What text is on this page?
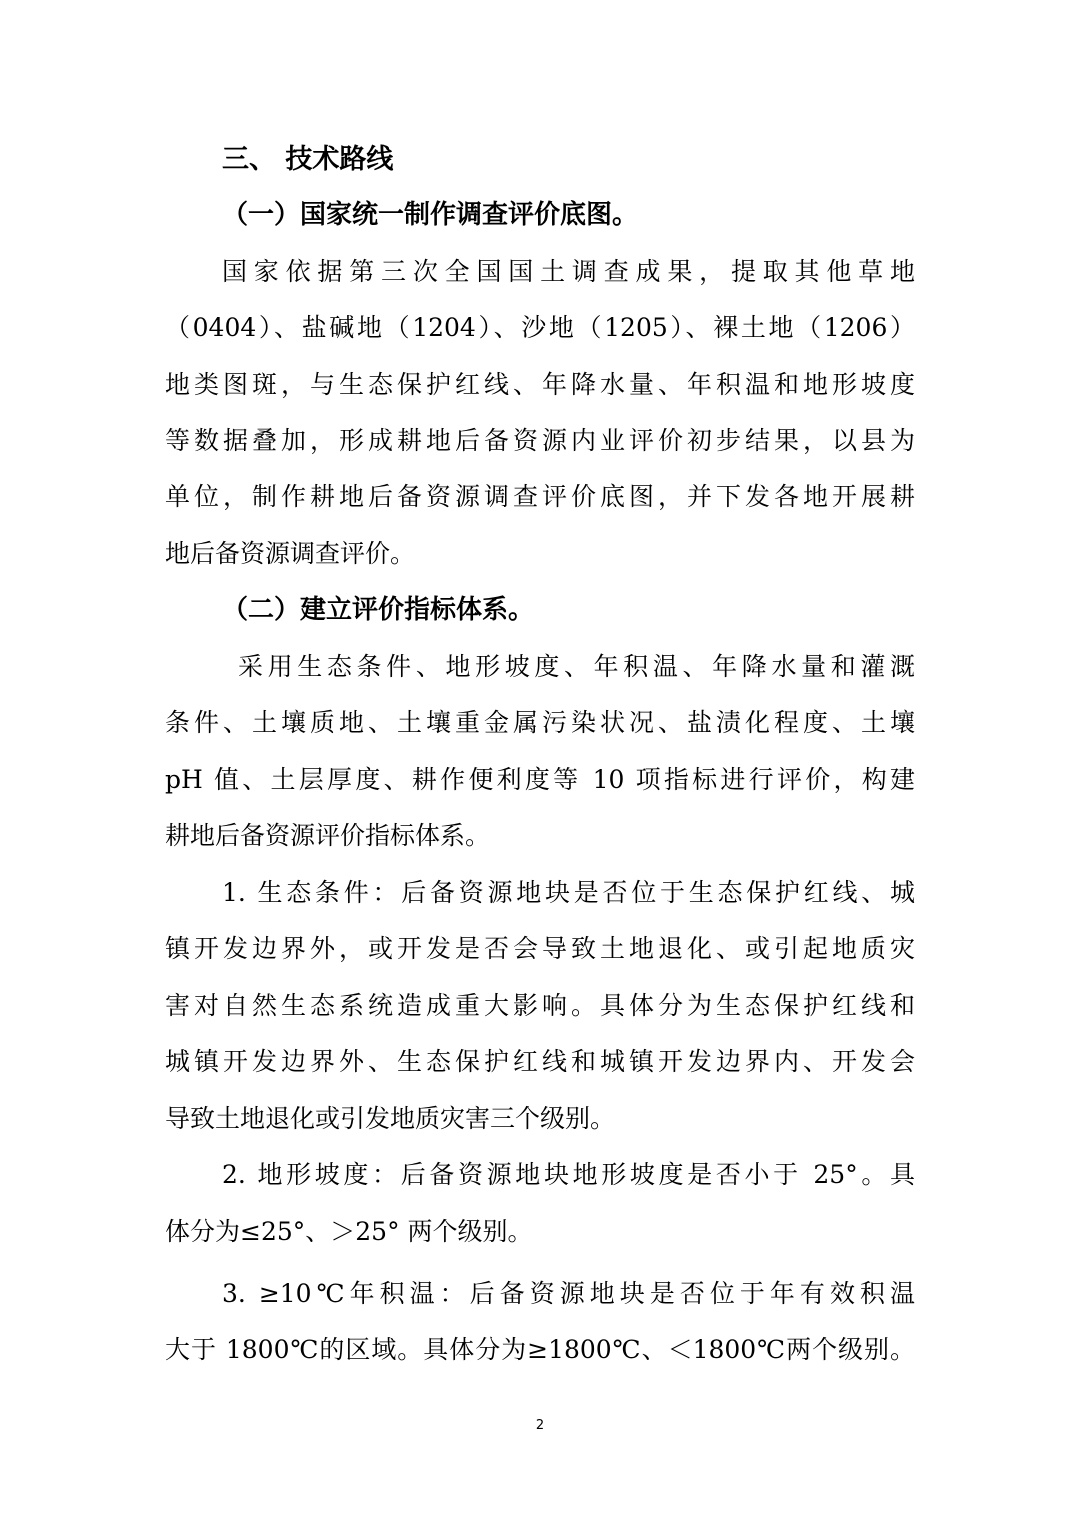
三、 技术路线
（一）国家统一制作调查评价底图。
国家依据第三次全国国土调查成果，提取其他草地
（0404）、盐碱地（1204）、沙地（1205）、裸土地（1206）
地类图斑，与生态保护红线、年降水量、年积温和地形坡度
等数据叠加，形成耕地后备资源内业评价初步结果，以县为
单位，制作耕地后备资源调查评价底图，并下发各地开展耕
地后备资源调查评价。
（二）建立评价指标体系。
采用生态条件、地形坡度、年积温、年降水量和灌溉
条件、土壤质地、土壤重金属污染状况、盐渍化程度、土壤
pH 值、土层厚度、耕作便利度等 10 项指标进行评价，构建
耕地后备资源评价指标体系。
1. 生态条件：后备资源地块是否位于生态保护红线、城
镇开发边界外，或开发是否会导致土地退化、或引起地质灾
害对自然生态系统造成重大影响。具体分为生态保护红线和
城镇开发边界外、生态保护红线和城镇开发边界内、开发会
导致土地退化或引发地质灾害三个级别。
2. 地形坡度：后备资源地块地形坡度是否小于 25°。具
体分为≤25°、＞25° 两个级别。
3. ≥10℃年积温：后备资源地块是否位于年有效积温
大于 1800℃的区域。具体分为≥1800℃、＜1800℃两个级别。
2
